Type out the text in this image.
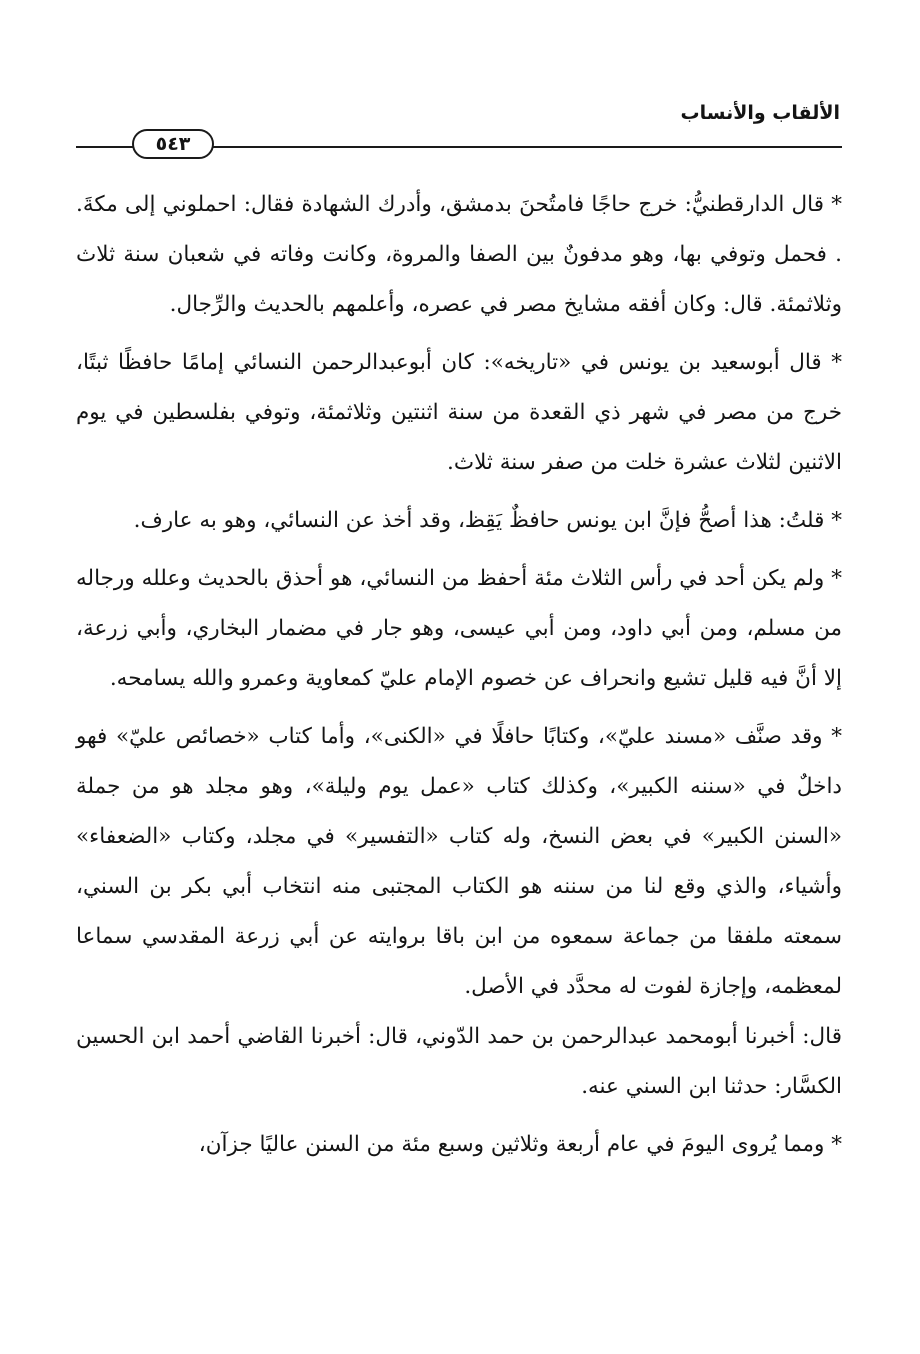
الألقاب والأنساب
٥٤٣

* قال الدارقطنيُّ: خرج حاجًا فامتُحنَ بدمشق، وأدرك الشهادة فقال: احملوني إلى مكةَ. . فحمل وتوفي بها، وهو مدفونٌ بين الصفا والمروة، وكانت وفاته في شعبان سنة ثلاث وثلاثمئة. قال: وكان أفقه مشايخ مصر في عصره، وأعلمهم بالحديث والرِّجال.

* قال أبوسعيد بن يونس في «تاريخه»: كان أبوعبدالرحمن النسائي إمامًا حافظًا ثبتًا، خرج من مصر في شهر ذي القعدة من سنة اثنتين وثلاثمئة، وتوفي بفلسطين في يوم الاثنين لثلاث عشرة خلت من صفر سنة ثلاث.

* قلتُ: هذا أصحُّ فإنَّ ابن يونس حافظٌ يَقِظ، وقد أخذ عن النسائي، وهو به عارف.

* ولم يكن أحد في رأس الثلاث مئة أحفظ من النسائي، هو أحذق بالحديث وعلله ورجاله من مسلم، ومن أبي داود، ومن أبي عيسى، وهو جار في مضمار البخاري، وأبي زرعة، إلا أنَّ فيه قليل تشيع وانحراف عن خصوم الإمام عليّ كمعاوية وعمرو والله يسامحه.

* وقد صنَّف «مسند عليّ»، وكتابًا حافلًا في «الكنى»، وأما كتاب «خصائص عليّ» فهو داخلٌ في «سننه الكبير»، وكذلك كتاب «عمل يوم وليلة»، وهو مجلد هو من جملة «السنن الكبير» في بعض النسخ، وله كتاب «التفسير» في مجلد، وكتاب «الضعفاء» وأشياء، والذي وقع لنا من سننه هو الكتاب المجتبى منه انتخاب أبي بكر بن السني، سمعته ملفقا من جماعة سمعوه من ابن باقا بروايته عن أبي زرعة المقدسي سماعا لمعظمه، وإجازة لفوت له محدَّد في الأصل.

قال: أخبرنا أبومحمد عبدالرحمن بن حمد الدّوني، قال: أخبرنا القاضي أحمد ابن الحسين الكسَّار: حدثنا ابن السني عنه.

* ومما يُروى اليومَ في عام أربعة وثلاثين وسبع مئة من السنن عاليًا جزآن،
